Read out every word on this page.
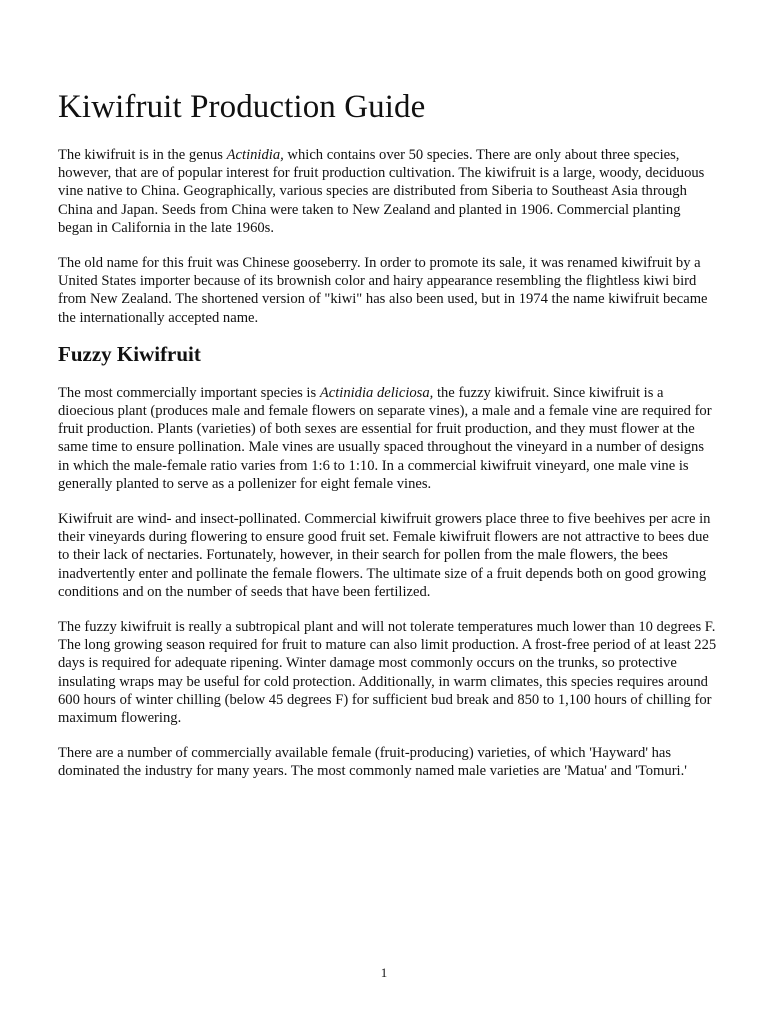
Kiwifruit Production Guide

The kiwifruit is in the genus Actinidia, which contains over 50 species. There are only about three species, however, that are of popular interest for fruit production cultivation. The kiwifruit is a large, woody, deciduous vine native to China. Geographically, various species are distributed from Siberia to Southeast Asia through China and Japan. Seeds from China were taken to New Zealand and planted in 1906. Commercial planting began in California in the late 1960s.

The old name for this fruit was Chinese gooseberry. In order to promote its sale, it was renamed kiwifruit by a United States importer because of its brownish color and hairy appearance resembling the flightless kiwi bird from New Zealand. The shortened version of "kiwi" has also been used, but in 1974 the name kiwifruit became the internationally accepted name.

Fuzzy Kiwifruit

The most commercially important species is Actinidia deliciosa, the fuzzy kiwifruit. Since kiwifruit is a dioecious plant (produces male and female flowers on separate vines), a male and a female vine are required for fruit production. Plants (varieties) of both sexes are essential for fruit production, and they must flower at the same time to ensure pollination. Male vines are usually spaced throughout the vineyard in a number of designs in which the male-female ratio varies from 1:6 to 1:10. In a commercial kiwifruit vineyard, one male vine is generally planted to serve as a pollenizer for eight female vines.

Kiwifruit are wind- and insect-pollinated. Commercial kiwifruit growers place three to five beehives per acre in their vineyards during flowering to ensure good fruit set. Female kiwifruit flowers are not attractive to bees due to their lack of nectaries. Fortunately, however, in their search for pollen from the male flowers, the bees inadvertently enter and pollinate the female flowers. The ultimate size of a fruit depends both on good growing conditions and on the number of seeds that have been fertilized.

The fuzzy kiwifruit is really a subtropical plant and will not tolerate temperatures much lower than 10 degrees F. The long growing season required for fruit to mature can also limit production. A frost-free period of at least 225 days is required for adequate ripening. Winter damage most commonly occurs on the trunks, so protective insulating wraps may be useful for cold protection. Additionally, in warm climates, this species requires around 600 hours of winter chilling (below 45 degrees F) for sufficient bud break and 850 to 1,100 hours of chilling for maximum flowering.

There are a number of commercially available female (fruit-producing) varieties, of which 'Hayward' has dominated the industry for many years. The most commonly named male varieties are 'Matua' and 'Tomuri.'

1
